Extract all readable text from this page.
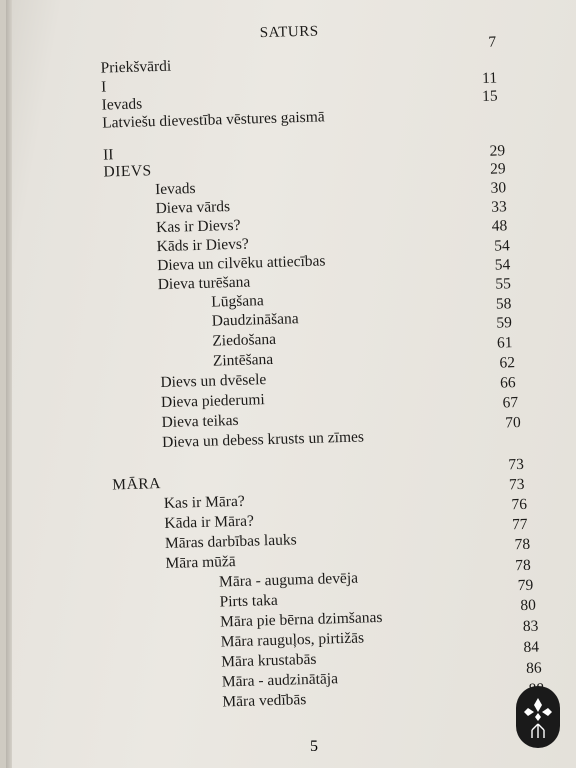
SATURS
Priekšvārdi
7
I
Ievads
11
Latviešu dievestība vēstures gaismā
15
II
DIEVS
29
Ievads
29
Dieva vārds
30
Kas ir Dievs?
33
Kāds ir Dievs?
48
Dieva un cilvēku attiecības
54
Dieva turēšana
54
Lūgšana
55
Daudzināšana
58
Ziedošana
59
Zintēšana
61
Dievs un dvēsele
62
Dieva piederumi
66
Dieva teikas
67
Dieva un debess krusts un zīmes
70
MĀRA
73
Kas ir Māra?
73
Kāda ir Māra?
76
Māras darbības lauks
77
Māra mūžā
78
Māra - auguma devēja
78
Pirts taka
79
Māra pie bērna dzimšanas
80
Māra rauguļos, pirtižās
83
Māra krustabās
84
Māra - audzinātāja
86
Māra vedībās
5
